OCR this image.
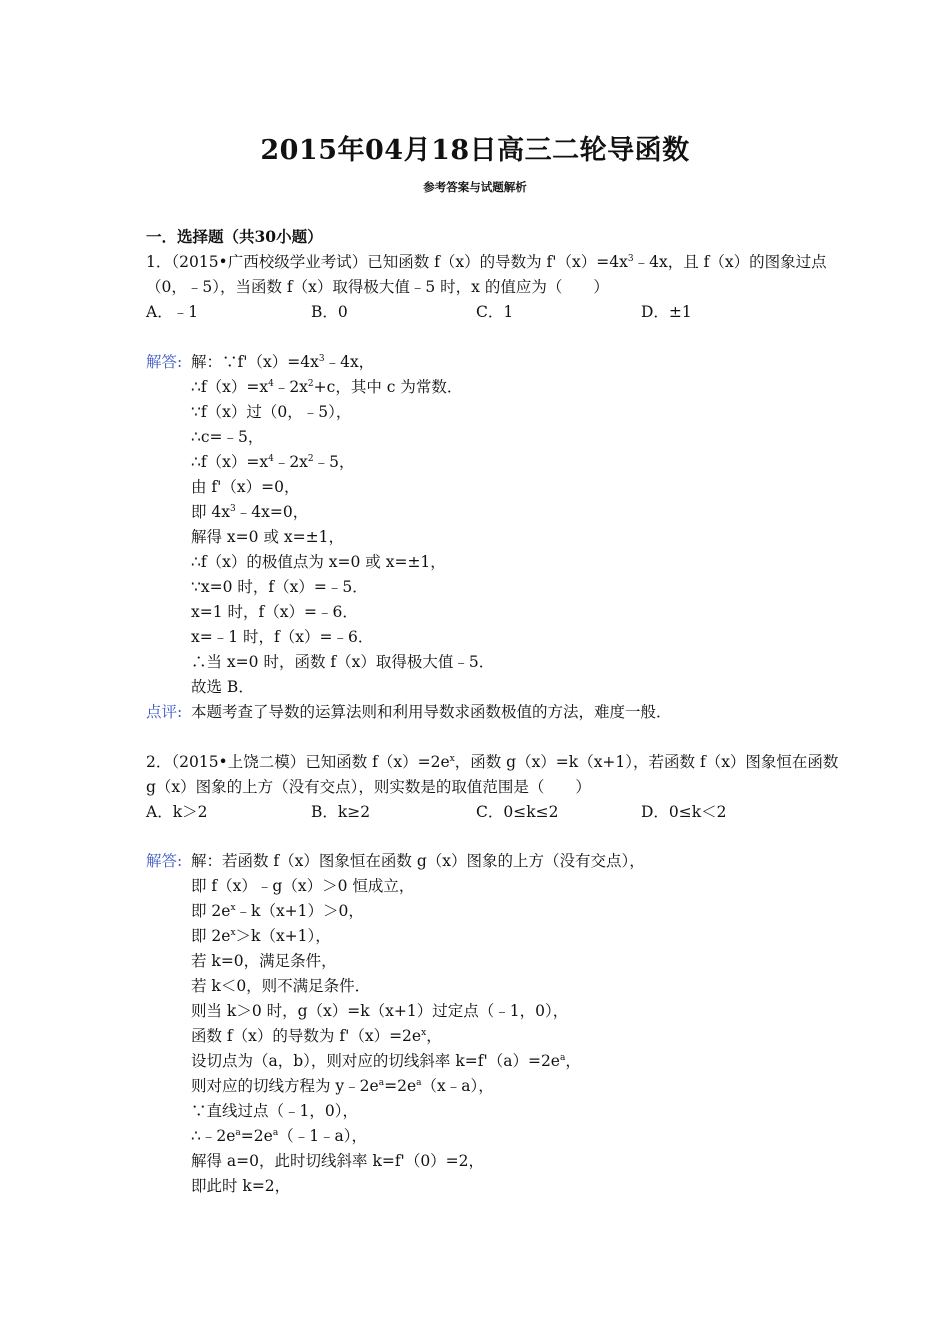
2015年04月18日高三二轮导函数
参考答案与试题解析
一．选择题（共30小题）
1．（2015•广西校级学业考试）已知函数 f（x）的导数为 $f'(x)=4x^3﹣4x$，且 f（x）的图象过点
（0，﹣5），当函数 f（x）取得极大值﹣5 时，x 的值应为（　　）
A．﹣1	B．0	C．1	D．±1
解答: 解：$\because f'(x)=4x^3﹣4x$，
$\therefore f(x)=x^4﹣2x^2+c$，其中 c 为常数．
∵f（x）过（0，﹣5），
∴c=﹣5，
$\therefore f(x)=x^4﹣2x^2﹣5$，
由 f'（x）=0，
即 $4x^3﹣4x=0$，
解得 x=0 或 x=±1，
∴f（x）的极值点为 x=0 或 x=±1，
∵x=0 时，f（x）=﹣5．
x=1 时，f（x）=﹣6．
x=﹣1 时，f（x）=﹣6．
∴当 x=0 时，函数 f（x）取得极大值﹣5．
故选 B．
点评: 本题考查了导数的运算法则和利用导数求函数极值的方法，难度一般．
2．（2015•上饶二模）已知函数 $f(x)=2e^x$，函数 g（x）=k（x+1），若函数 f（x）图象恒在函数
g（x）图象的上方（没有交点），则实数是的取值范围是（　　）
A．k＞2	B．k≥2	C．0≤k≤2	D．0≤k＜2
解答: 解：若函数 f（x）图象恒在函数 g（x）图象的上方（没有交点），
即 f（x）﹣g（x）＞0 恒成立，
即 $2e^x﹣k(x+1)>0$，
即 $2e^x>k(x+1)$，
若 k=0，满足条件，
若 k＜0，则不满足条件．
则当 k＞0 时，g（x）=k（x+1）过定点（﹣1，0），
函数 f（x）的导数为 $f'(x)=2e^x$，
设切点为（a，b），则对应的切线斜率 $k=f'(a)=2e^a$，
则对应的切线方程为 $y﹣2e^a=2e^a(x﹣a)$，
∵直线过点（﹣1，0），
$\therefore﹣2e^a=2e^a(﹣1﹣a)$，
解得 a=0，此时切线斜率 k=f'（0）=2，
即此时 k=2，
